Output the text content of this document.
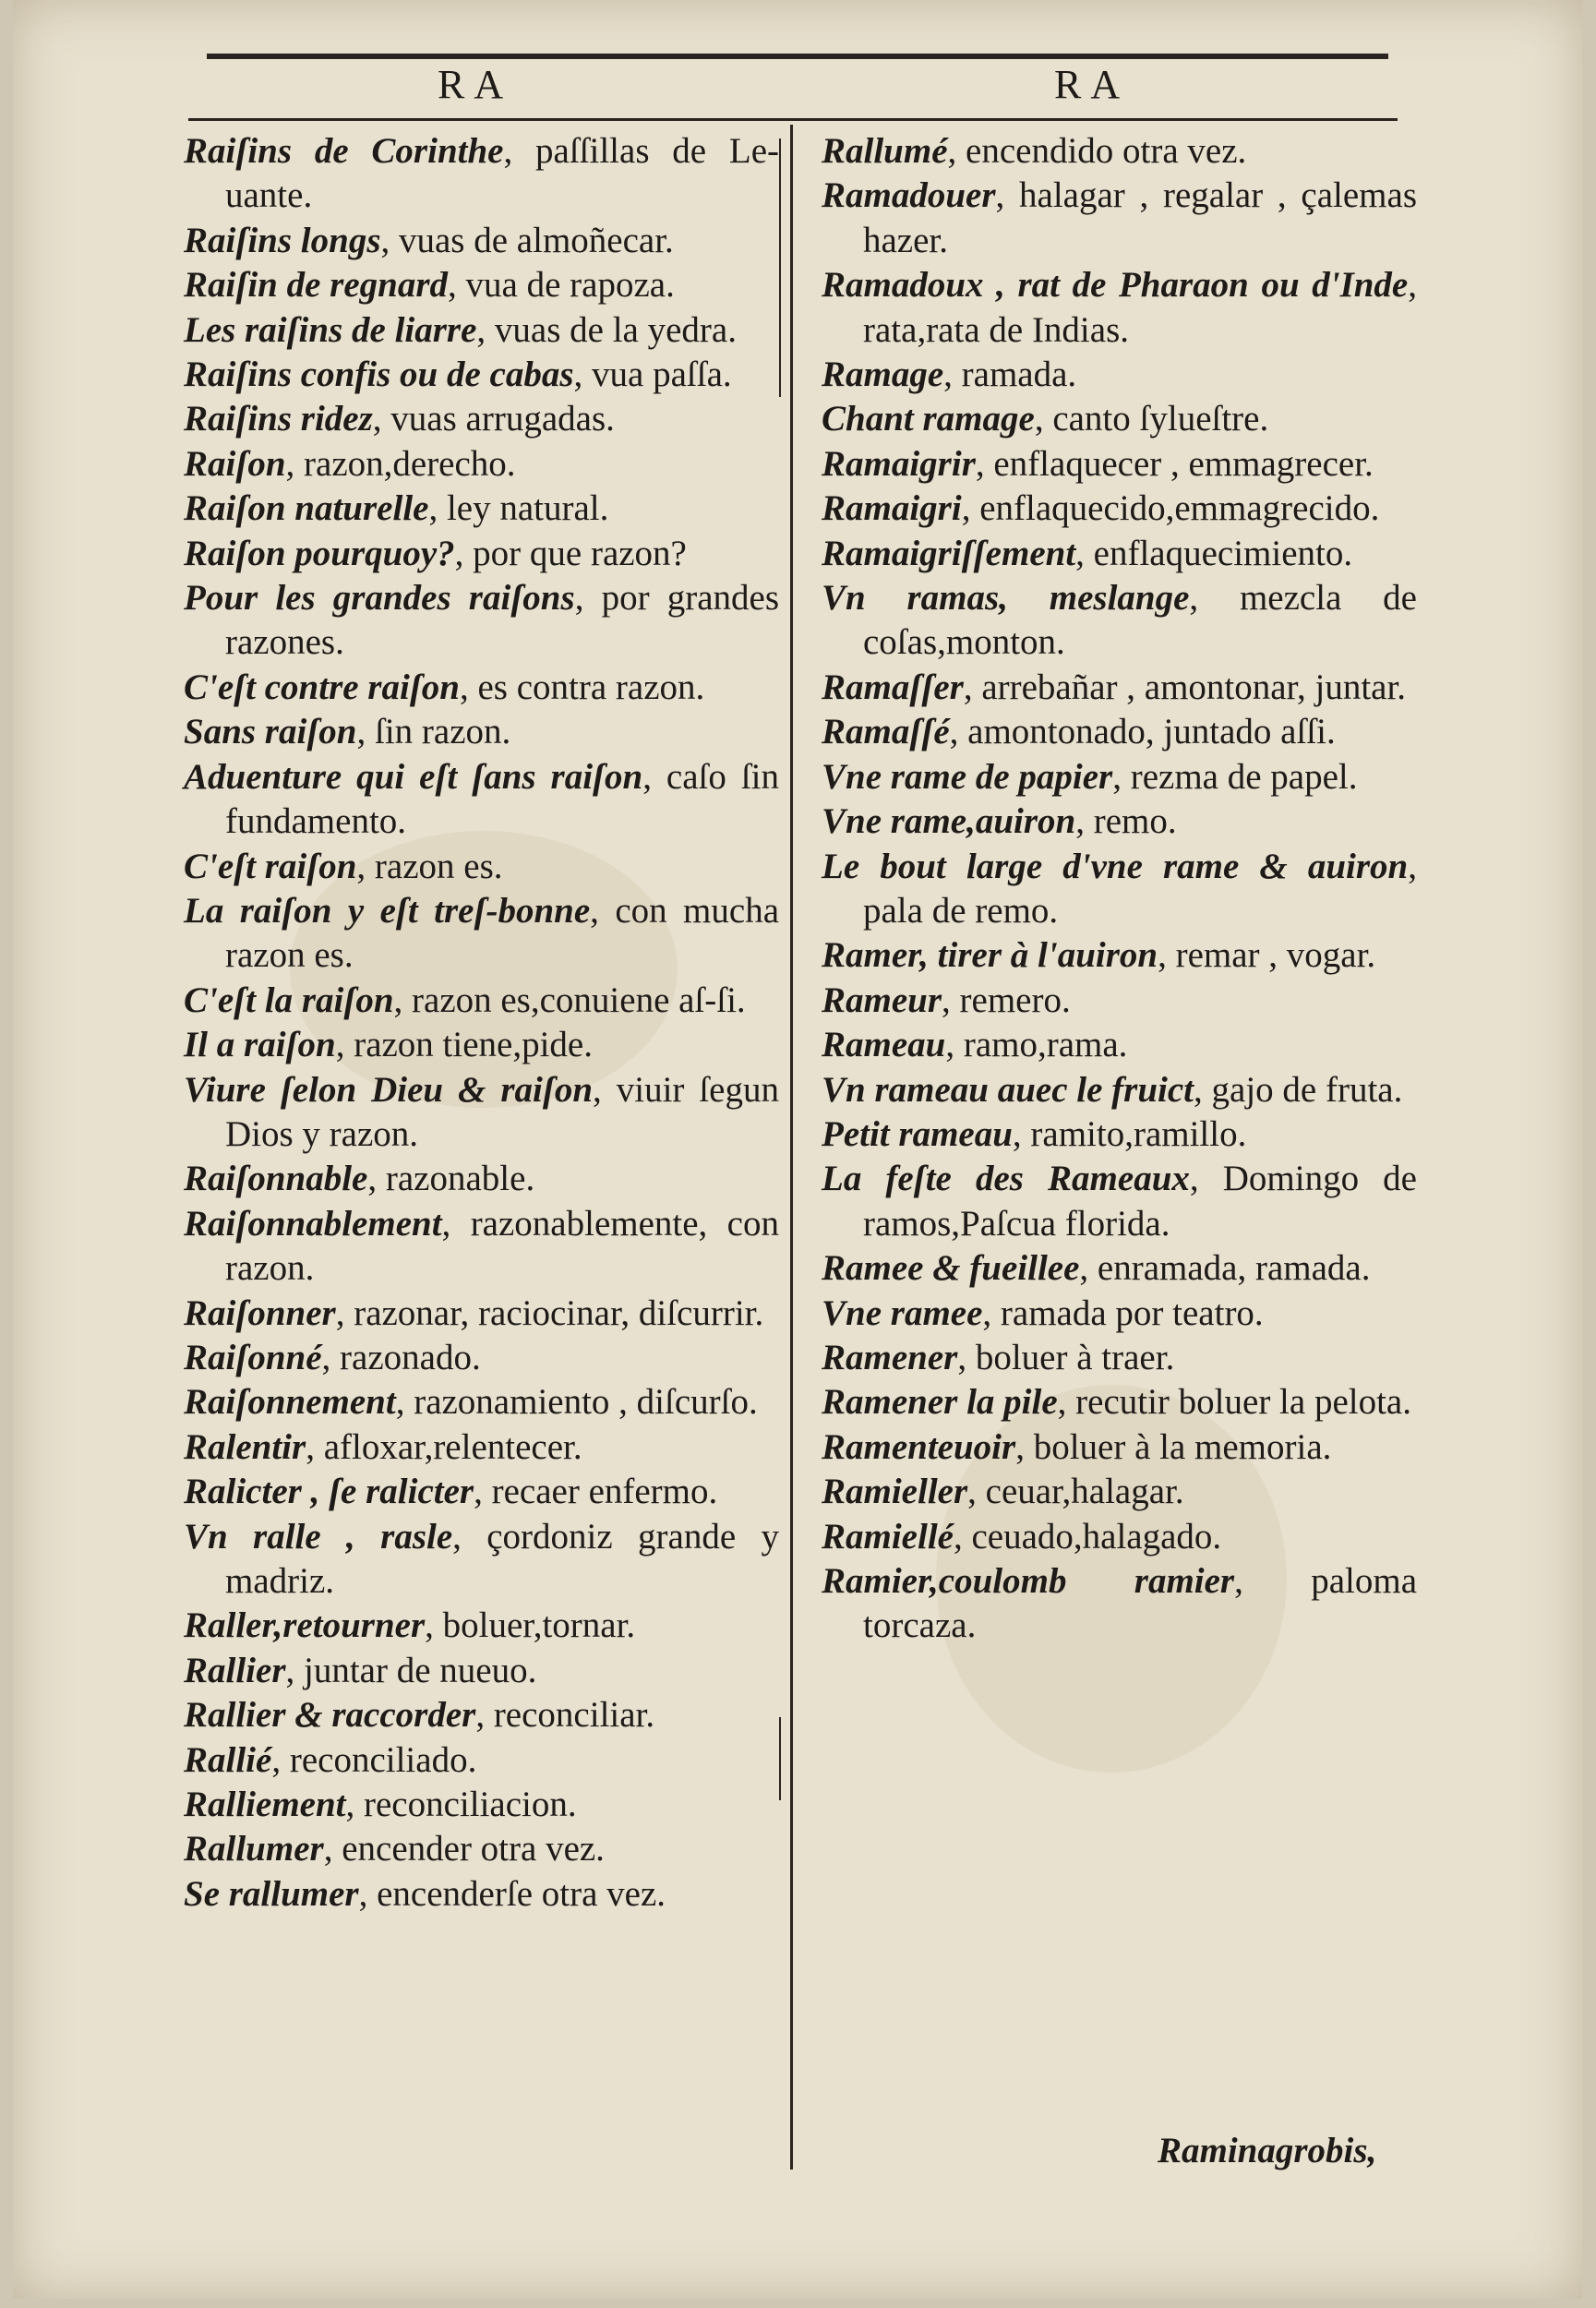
RA	RA
Raiſins de Corinthe, paſſillas de Le-uante.
Raiſins longs, vuas de almoñecar.
Raiſin de regnard, vua de rapoza.
Les raiſins de liarre, vuas de la yedra.
Raiſins confis ou de cabas, vua paſſa.
Raiſins ridez, vuas arrugadas.
Raiſon, razon,derecho.
Raiſon naturelle, ley natural.
Raiſon pourquoy?, por que razon?
Pour les grandes raiſons, por grandes razones.
C'eſt contre raiſon, es contra razon.
Sans raiſon, ſin razon.
Aduenture qui eſt ſans raiſon, caſo ſin fundamento.
C'eſt raiſon, razon es.
La raiſon y eſt treſ-bonne, con mucha razon es.
C'eſt la raiſon, razon es,conuiene aſ-ſi.
Il a raiſon, razon tiene,pide.
Viure ſelon Dieu & raiſon, viuir ſegun Dios y razon.
Raiſonnable, razonable.
Raiſonnablement, razonablemente, con razon.
Raiſonner, razonar, raciocinar, diſcurrir.
Raiſonné, razonado.
Raiſonnement, razonamiento , diſcurſo.
Ralentir, afloxar,relentecer.
Ralicter , ſe ralicter, recaer enfermo.
Vn ralle , rasle, çordoniz grande y madriz.
Raller,retourner, boluer,tornar.
Rallier, juntar de nueuo.
Rallier & raccorder, reconciliar.
Rallié, reconciliado.
Ralliement, reconciliacion.
Rallumer, encender otra vez.
Se rallumer, encenderſe otra vez.
Rallumé, encendido otra vez.
Ramadouer, halagar , regalar , çalemas hazer.
Ramadoux , rat de Pharaon ou d'Inde, rata,rata de Indias.
Ramage, ramada.
Chant ramage, canto ſylueſtre.
Ramaigrir, enflaquecer , emmagrecer.
Ramaigri, enflaquecido,emmagrecido.
Ramaigriſſement, enflaquecimiento.
Vn ramas, meslange, mezcla de coſas,monton.
Ramaſſer, arrebañar , amontonar, juntar.
Ramaſſé, amontonado, juntado aſſi.
Vne rame de papier, rezma de papel.
Vne rame,auiron, remo.
Le bout large d'vne rame & auiron, pala de remo.
Ramer, tirer à l'auiron, remar , vogar.
Rameur, remero.
Rameau, ramo,rama.
Vn rameau auec le fruict, gajo de fruta.
Petit rameau, ramito,ramillo.
La feſte des Rameaux, Domingo de ramos,Paſcua florida.
Ramee & fueillee, enramada, ramada.
Vne ramee, ramada por teatro.
Ramener, boluer à traer.
Ramener la pile, recutir boluer la pelota.
Ramenteuoir, boluer à la memoria.
Ramieller, ceuar,halagar.
Ramiellé, ceuado,halagado.
Ramier,coulomb ramier, paloma torcaza.
Raminagrobis,
